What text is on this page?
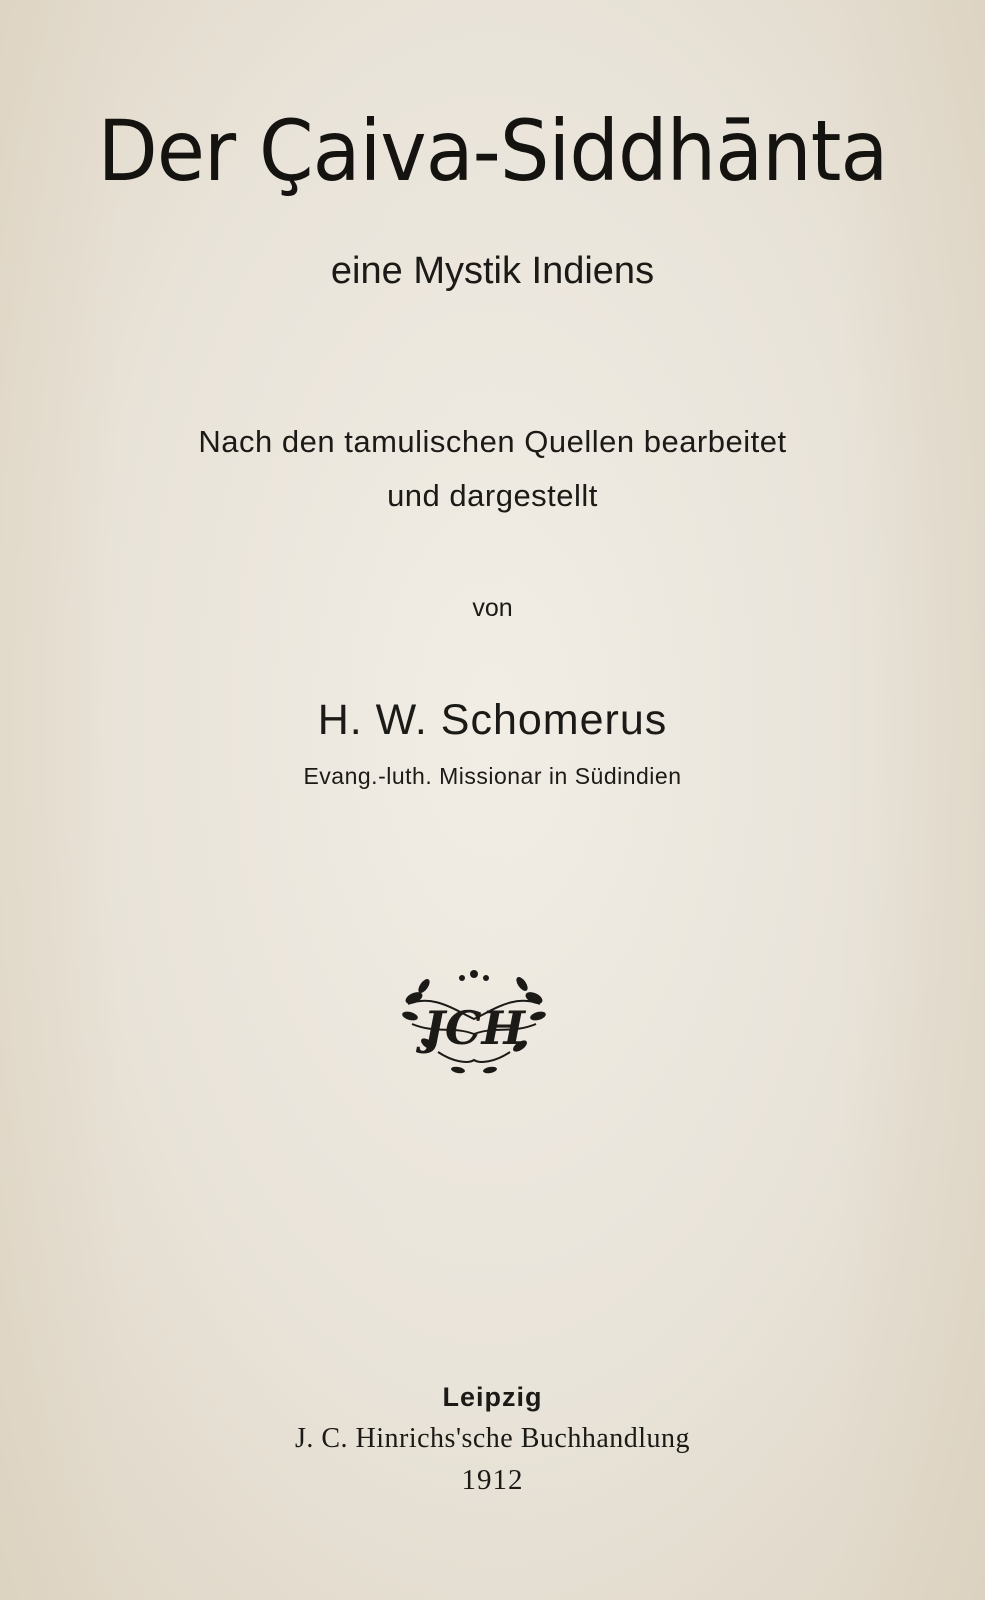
Der Çaiva-Siddhānta
eine Mystik Indiens
Nach den tamulischen Quellen bearbeitet
und dargestellt
von
H. W. Schomerus
Evang.-luth. Missionar in Südindien
JCH
Leipzig
J. C. Hinrichs'sche Buchhandlung
1912
